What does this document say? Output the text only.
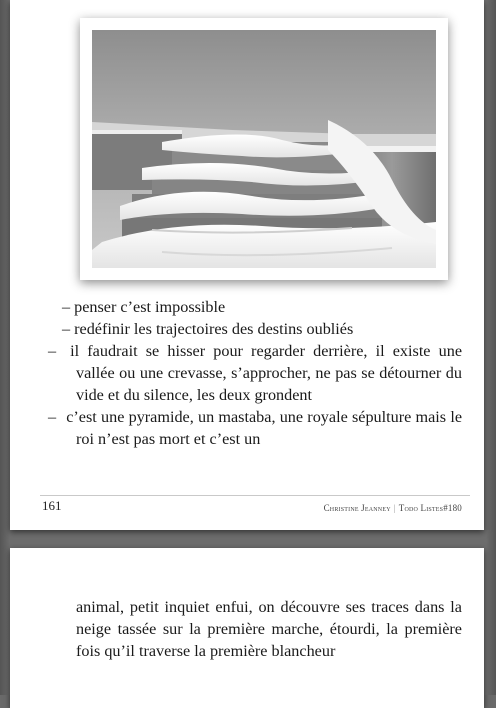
– penser c’est impossible
– redéfinir les trajectoires des destins oubliés
– il faudrait se hisser pour regarder derrière, il existe une vallée ou une crevasse, s’approcher, ne pas se détourner du vide et du silence, les deux grondent
– c’est une pyramide, un mastaba, une royale sépulture mais le roi n’est pas mort et c’est un
161	Christine Jeanney | Todo Listes#180
animal, petit inquiet enfui, on découvre ses traces dans la neige tassée sur la première marche, étourdi, la première fois qu’il traverse la première blancheur
